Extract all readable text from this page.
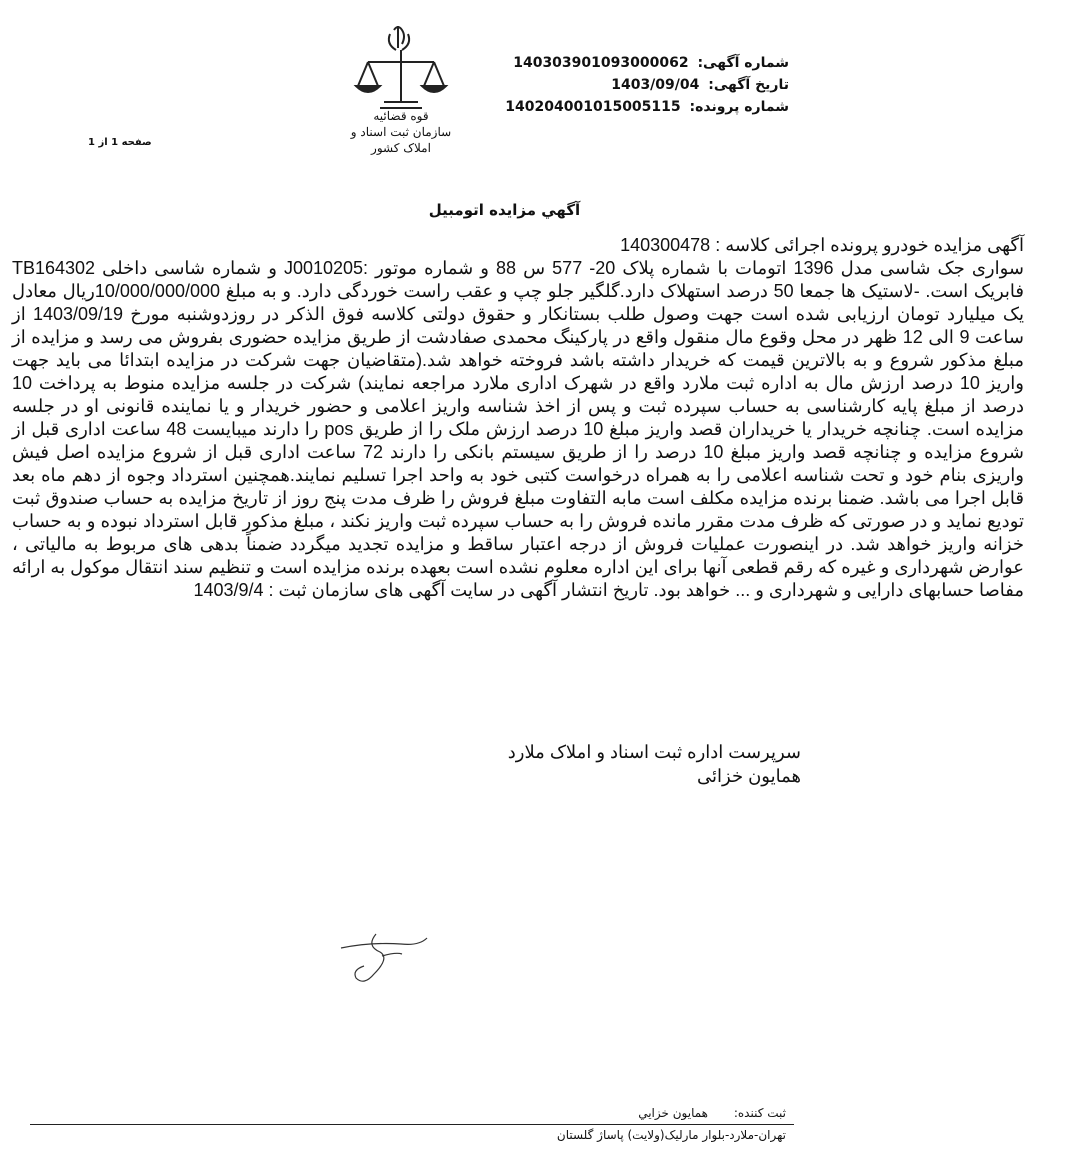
شماره آگهی: 14030390109300006‎2
تاریخ آگهی: 1403/09/04
شماره پرونده: 140204001015005115
قوه قضائیه
سازمان ثبت اسناد و املاک کشور
صفحه 1 از 1
آگهي مزايده اتومبيل

آگهی مزایده خودرو پرونده اجرائی کلاسه : 140300478

سواری جک شاسی مدل 1396 اتومات با شماره پلاک 20- 577 س 88 و شماره موتور :J0010205 و شماره شاسی داخلی TB164302 فابریک است. -لاستیک ها جمعا 50 درصد استهلاک دارد.گلگیر جلو چپ و عقب راست خوردگی دارد. و به مبلغ 10/000/000/000ریال معادل یک میلیارد تومان ارزیابی شده است جهت وصول طلب بستانکار و حقوق دولتی کلاسه فوق الذکر در روزدوشنبه مورخ 1403/09/19 از ساعت 9 الی 12 ظهر در محل وقوع مال منقول واقع در پارکینگ محمدی صفادشت از طریق مزایده حضوری بفروش می رسد و مزایده از مبلغ مذکور شروع و به بالاترین قیمت که خریدار داشته باشد فروخته خواهد شد.(متقاضیان جهت شرکت در مزایده ابتدائا می باید جهت واریز 10 درصد ارزش مال به اداره ثبت ملارد واقع در شهرک اداری ملارد مراجعه نمایند) شرکت در جلسه مزایده منوط به پرداخت 10 درصد از مبلغ پایه کارشناسی به حساب سپرده ثبت و پس از اخذ شناسه واریز اعلامی و حضور خریدار و یا نماینده قانونی او در جلسه مزایده است. چنانچه خریدار یا خریداران قصد واریز مبلغ 10 درصد ارزش ملک را از طریق pos را دارند میبایست 48 ساعت اداری قبل از شروع مزایده و چنانچه قصد واریز مبلغ 10 درصد را از طریق سیستم بانکی را دارند 72 ساعت اداری قبل از شروع مزایده اصل فیش واریزی بنام خود و تحت شناسه اعلامی را به همراه درخواست کتبی خود به واحد اجرا تسلیم نمایند.همچنین استرداد وجوه از دهم ماه بعد قابل اجرا می باشد. ضمنا برنده مزایده مکلف است مابه التفاوت مبلغ فروش را ظرف مدت پنج روز از تاریخ مزایده به حساب صندوق ثبت تودیع نماید و در صورتی که ظرف مدت مقرر مانده فروش را به حساب سپرده ثبت واریز نکند ، مبلغ مذکور قابل استرداد نبوده و به حساب خزانه واریز خواهد شد. در اینصورت عملیات فروش از درجه اعتبار ساقط و مزایده تجدید میگردد ضمناً بدهی های مربوط به مالیاتی ، عوارض شهرداری و غیره که رقم قطعی آنها برای این اداره معلوم نشده است بعهده برنده مزایده است و تنظیم سند انتقال موکول به ارائه مفاصا حسابهای دارایی و شهرداری و ... خواهد بود. تاریخ انتشار آگهی در سایت آگهی های سازمان ثبت : 1403/9/4

سرپرست اداره ثبت اسناد و املاک ملارد
همایون خزائی
ثبت کننده: همايون خزايي
تهران-ملارد-بلوار مارلیک(ولایت) پاساژ گلستان
